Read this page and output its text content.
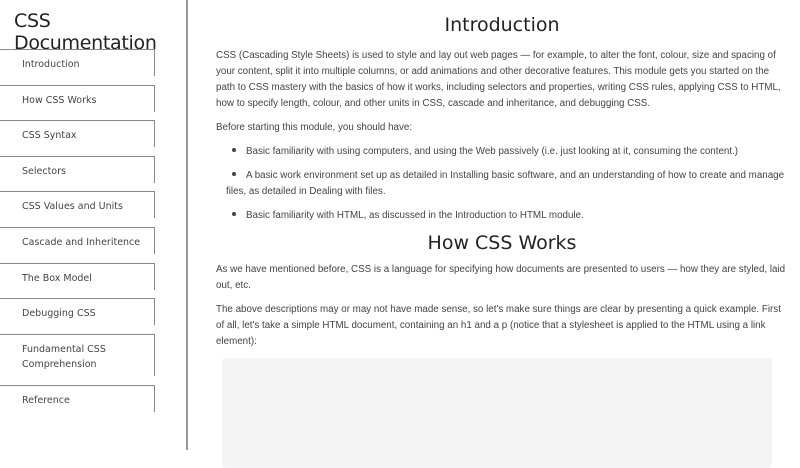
CSS Documentation
Introduction
How CSS Works
CSS Syntax
Selectors
CSS Values and Units
Cascade and Inheritence
The Box Model
Debugging CSS
Fundamental CSS Comprehension
Reference
Introduction

CSS (Cascading Style Sheets) is used to style and lay out web pages — for example, to alter the font, colour, size and spacing of your content, split it into multiple columns, or add animations and other decorative features. This module gets you started on the path to CSS mastery with the basics of how it works, including selectors and properties, writing CSS rules, applying CSS to HTML, how to specify length, colour, and other units in CSS, cascade and inheritance, and debugging CSS.

Before starting this module, you should have:

Basic familiarity with using computers, and using the Web passively (i.e. just looking at it, consuming the content.)
A basic work environment set up as detailed in Installing basic software, and an understanding of how to create and manage files, as detailed in Dealing with files.
Basic familiarity with HTML, as discussed in the Introduction to HTML module.
How CSS Works

As we have mentioned before, CSS is a language for specifying how documents are presented to users — how they are styled, laid out, etc.

The above descriptions may or may not have made sense, so let's make sure things are clear by presenting a quick example. First of all, let's take a simple HTML document, containing an h1 and a p (notice that a stylesheet is applied to the HTML using a link element):
